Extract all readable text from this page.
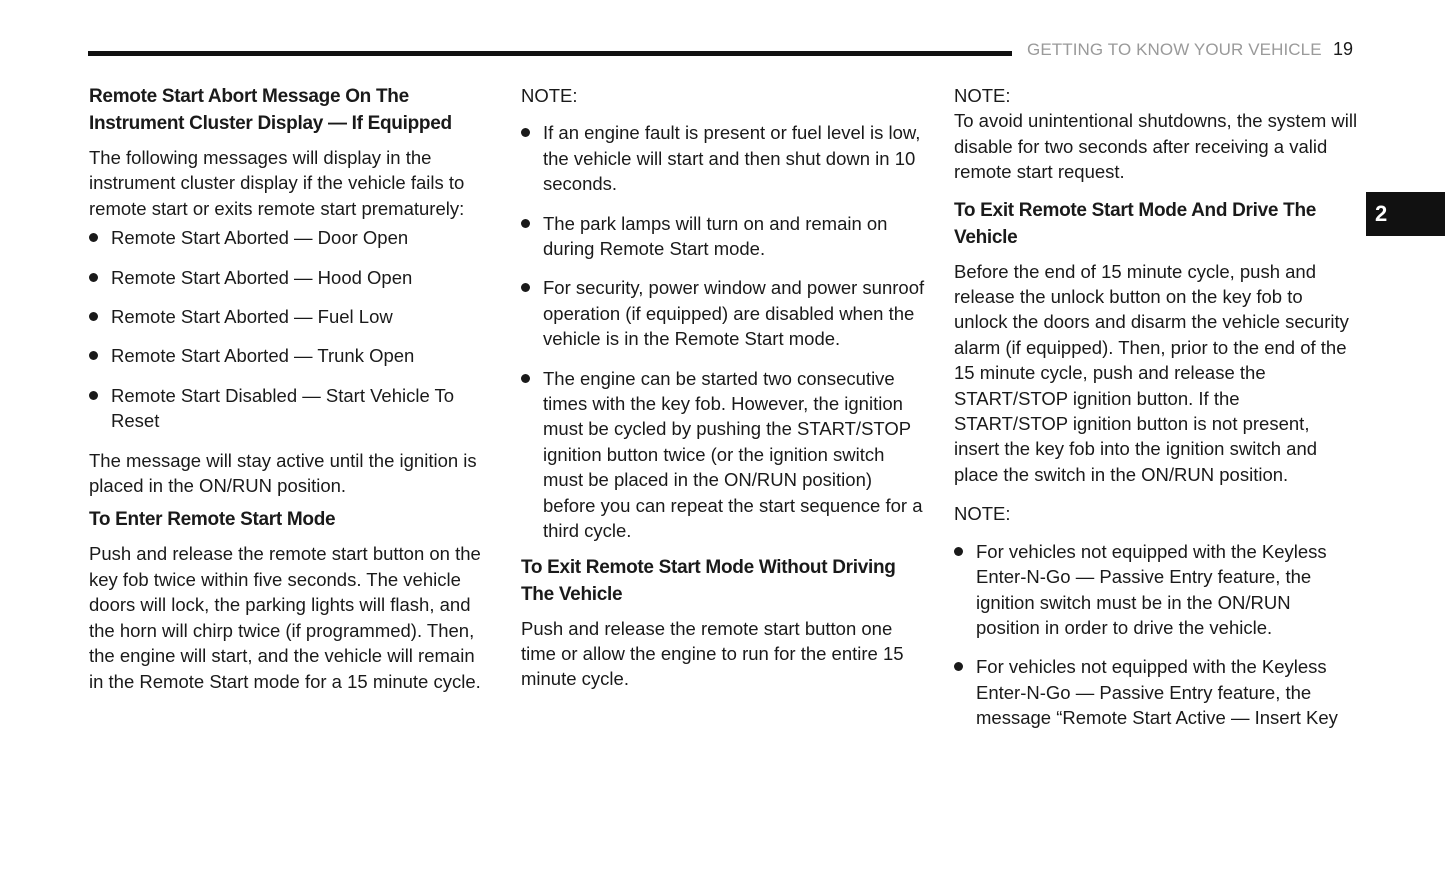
GETTING TO KNOW YOUR VEHICLE 19
2
Remote Start Abort Message On The Instrument Cluster Display — If Equipped

The following messages will display in the instrument cluster display if the vehicle fails to remote start or exits remote start prematurely:

Remote Start Aborted — Door Open
Remote Start Aborted — Hood Open
Remote Start Aborted — Fuel Low
Remote Start Aborted — Trunk Open
Remote Start Disabled — Start Vehicle To Reset

The message will stay active until the ignition is placed in the ON/RUN position.

To Enter Remote Start Mode

Push and release the remote start button on the key fob twice within five seconds. The vehicle doors will lock, the parking lights will flash, and the horn will chirp twice (if programmed). Then, the engine will start, and the vehicle will remain in the Remote Start mode for a 15 minute cycle.

NOTE:

If an engine fault is present or fuel level is low, the vehicle will start and then shut down in 10 seconds.
The park lamps will turn on and remain on during Remote Start mode.
For security, power window and power sunroof operation (if equipped) are disabled when the vehicle is in the Remote Start mode.
The engine can be started two consecutive times with the key fob. However, the ignition must be cycled by pushing the START/STOP ignition button twice (or the ignition switch must be placed in the ON/RUN position) before you can repeat the start sequence for a third cycle.
To Exit Remote Start Mode Without Driving The Vehicle

Push and release the remote start button one time or allow the engine to run for the entire 15 minute cycle.

NOTE:

To avoid unintentional shutdowns, the system will disable for two seconds after receiving a valid remote start request.

To Exit Remote Start Mode And Drive The Vehicle

Before the end of 15 minute cycle, push and release the unlock button on the key fob to unlock the doors and disarm the vehicle security alarm (if equipped). Then, prior to the end of the 15 minute cycle, push and release the START/STOP ignition button. If the START/STOP ignition button is not present, insert the key fob into the ignition switch and place the switch in the ON/RUN position.

NOTE:

For vehicles not equipped with the Keyless Enter-N-Go — Passive Entry feature, the ignition switch must be in the ON/RUN position in order to drive the vehicle.
For vehicles not equipped with the Keyless Enter-N-Go — Passive Entry feature, the message “Remote Start Active — Insert Key
